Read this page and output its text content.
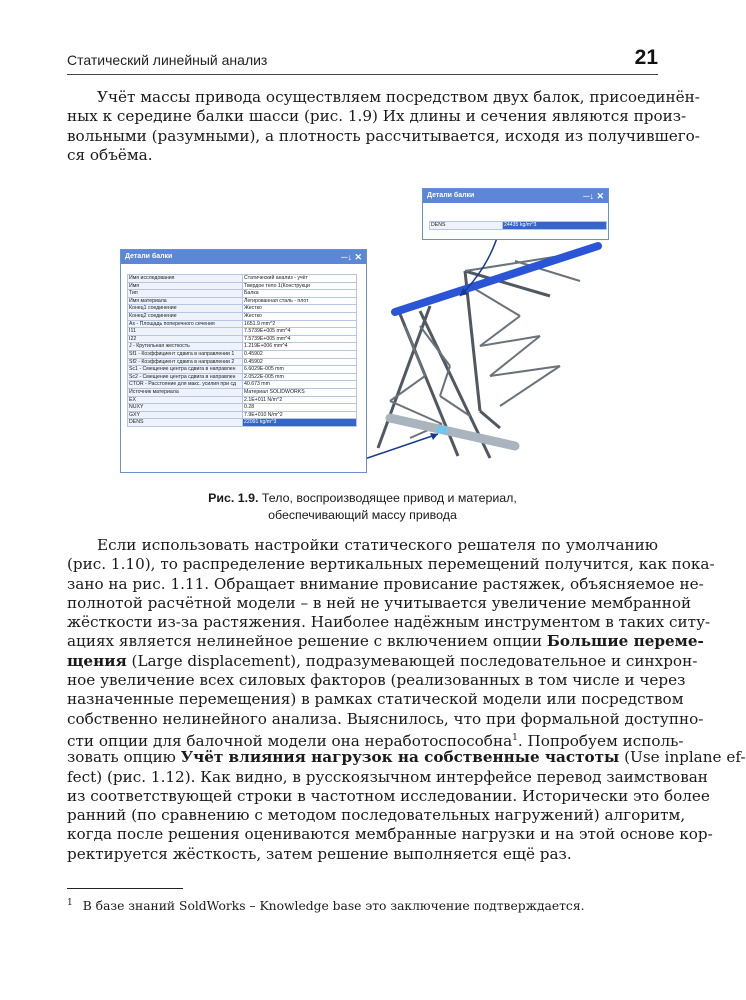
Статический линейный анализ	21
Учёт массы привода осуществляем посредством двух балок, присоединён-
ных к середине балки шасси (рис. 1.9) Их длины и сечения являются произ-
вольными (разумными), а плотность рассчитывается, исходя из получившего-
ся объёма.
Детали балки	─↓ ✕
Имя исследования	Статический анализ - учёт
Имя	Твердое тело 1(Конструкци
Тип	Балка
Имя материала	Легированная сталь - плот
Конец1 соединение	Жестко
Конец2 соединение	Жестко
Ax - Площадь поперечного сечения	1651.9 mm^2
I11	7.5739E+005 mm^4
I22	7.5739E+005 mm^4
J - Крутильная жесткость	1.219E+006 mm^4
Sf1 - Коэффициент сдвига в направлении 1	0.45902
Sf2 - Коэффициент сдвига в направлении 2	0.45902
Sc1 - Смещение центра сдвига в направлен	6.6029E-005 mm
Sc2 - Смещение центра сдвига в направлен	2.0522E-005 mm
CTOR - Расстояние для макс. усилия при сд	40.673 mm
Источник материала	Материал SOLIDWORKS
EX	2.1E+011 N/m^2
NUXY	0.28
GXY	7.9E+010 N/m^2
DENS	22091 kg/m^3
Детали балки	─↓ ✕
DENS	24435 kg/m^3
Рис. 1.9. Тело, воспроизводящее привод и материал,
обеспечивающий массу привода
Если использовать настройки статического решателя по умолчанию
(рис. 1.10), то распределение вертикальных перемещений получится, как пока-
зано на рис. 1.11. Обращает внимание провисание растяжек, объясняемое не-
полнотой расчётной модели – в ней не учитывается увеличение мембранной
жёсткости из-за растяжения. Наиболее надёжным инструментом в таких ситу-
ациях является нелинейное решение с включением опции Большие переме-
щения (Large displacement), подразумевающей последовательное и синхрон-
ное увеличение всех силовых факторов (реализованных в том числе и через
назначенные перемещения) в рамках статической модели или посредством
собственно нелинейного анализа. Выяснилось, что при формальной доступно-
сти опции для балочной модели она неработоспособна$^1$. Попробуем исполь-
зовать опцию Учёт влияния нагрузок на собственные частоты (Use inplane ef-
fect) (рис. 1.12). Как видно, в русскоязычном интерфейсе перевод заимствован
из соответствующей строки в частотном исследовании. Исторически это более
ранний (по сравнению с методом последовательных нагружений) алгоритм,
когда после решения оцениваются мембранные нагрузки и на этой основе кор-
ректируется жёсткость, затем решение выполняется ещё раз.
$^1$ В базе знаний SoldWorks – Knowledge base это заключение подтверждается.
